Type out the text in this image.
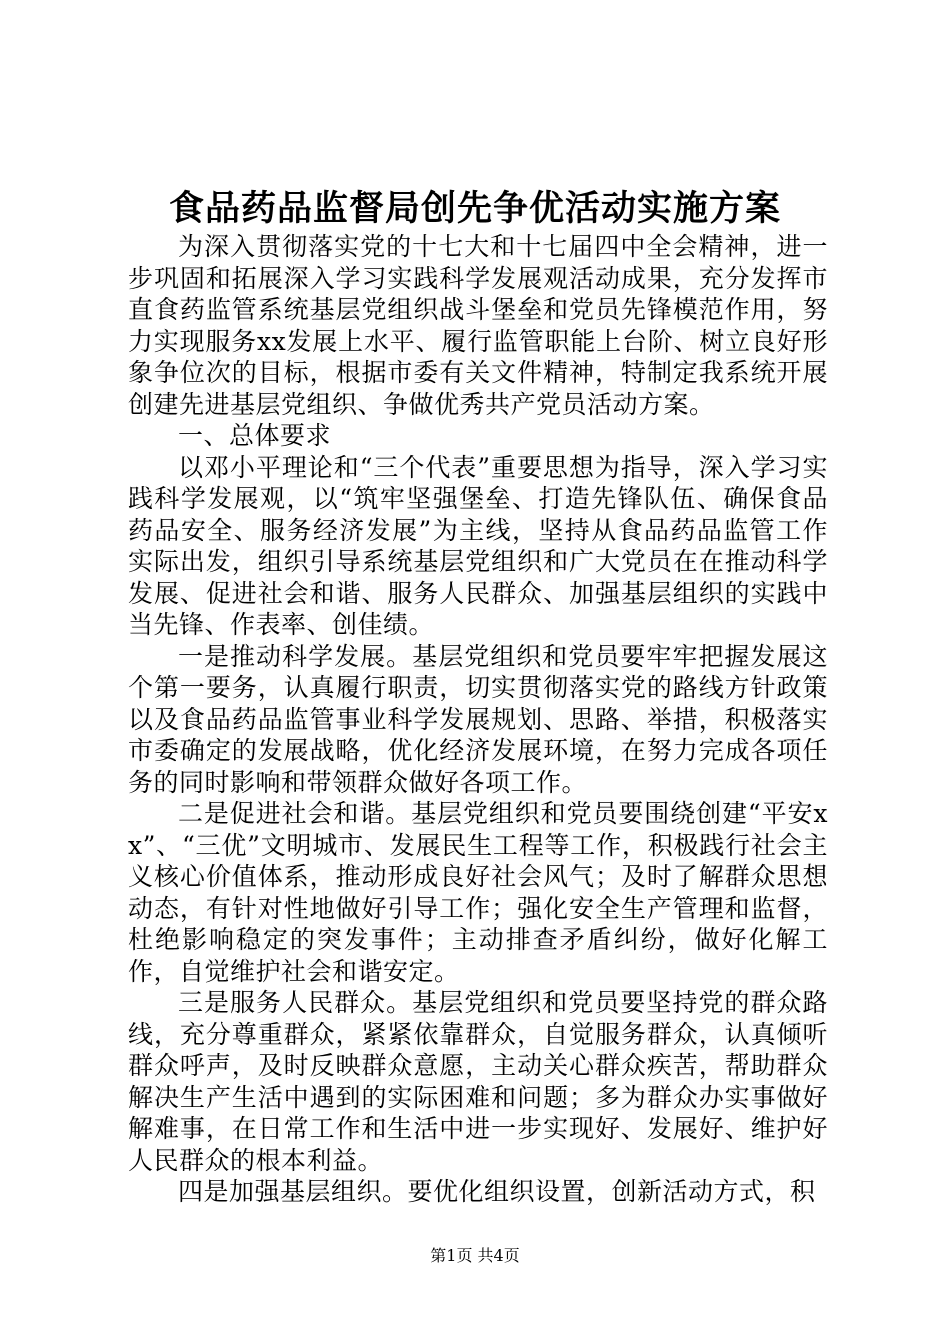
食品药品监督局创先争优活动实施方案

为深入贯彻落实党的十七大和十七届四中全会精神，进一步巩固和拓展深入学习实践科学发展观活动成果，充分发挥市直食药监管系统基层党组织战斗堡垒和党员先锋模范作用，努力实现服务xx发展上水平、履行监管职能上台阶、树立良好形象争位次的目标，根据市委有关文件精神，特制定我系统开展创建先进基层党组织、争做优秀共产党员活动方案。

一、总体要求

以邓小平理论和“三个代表”重要思想为指导，深入学习实践科学发展观，以“筑牢坚强堡垒、打造先锋队伍、确保食品药品安全、服务经济发展”为主线，坚持从食品药品监管工作实际出发，组织引导系统基层党组织和广大党员在在推动科学发展、促进社会和谐、服务人民群众、加强基层组织的实践中当先锋、作表率、创佳绩。

一是推动科学发展。基层党组织和党员要牢牢把握发展这个第一要务，认真履行职责，切实贯彻落实党的路线方针政策以及食品药品监管事业科学发展规划、思路、举措，积极落实市委确定的发展战略，优化经济发展环境，在努力完成各项任务的同时影响和带领群众做好各项工作。

二是促进社会和谐。基层党组织和党员要围绕创建“平安xx”、“三优”文明城市、发展民生工程等工作，积极践行社会主义核心价值体系，推动形成良好社会风气；及时了解群众思想动态，有针对性地做好引导工作；强化安全生产管理和监督，杜绝影响稳定的突发事件；主动排查矛盾纠纷，做好化解工作，自觉维护社会和谐安定。

三是服务人民群众。基层党组织和党员要坚持党的群众路线，充分尊重群众，紧紧依靠群众，自觉服务群众，认真倾听群众呼声，及时反映群众意愿，主动关心群众疾苦，帮助群众解决生产生活中遇到的实际困难和问题；多为群众办实事做好解难事，在日常工作和生活中进一步实现好、发展好、维护好人民群众的根本利益。

四是加强基层组织。要优化组织设置，创新活动方式，积

第1页 共4页
